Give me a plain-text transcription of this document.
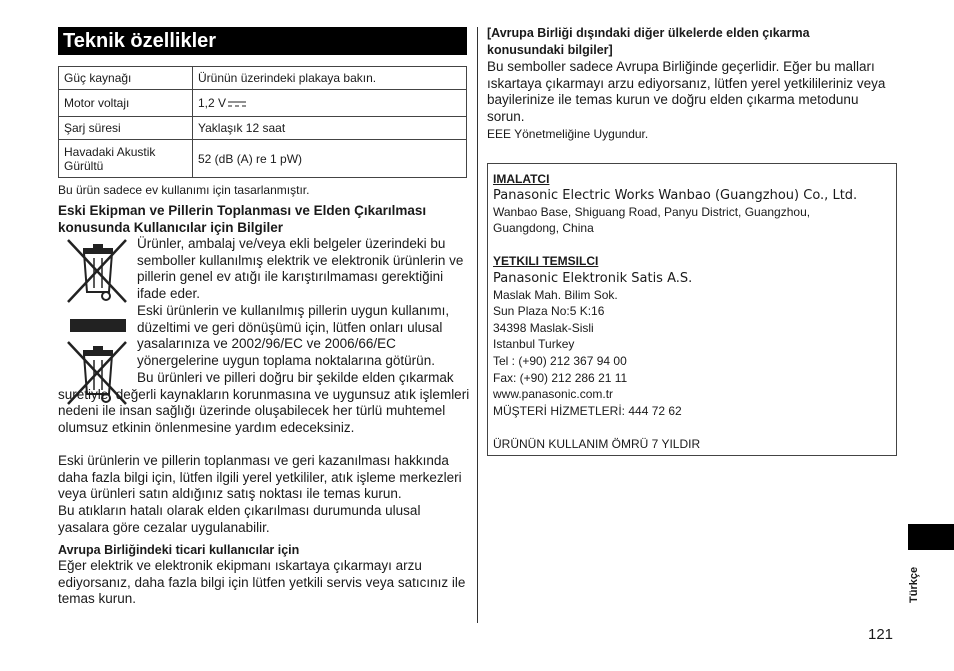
Teknik özellikler
Güç kaynağı	Ürünün üzerindeki plakaya bakın.
Motor voltajı	1,2 V
Şarj süresi	Yaklaşık 12 saat
Havadaki Akustik Gürültü	52 (dB (A) re 1 pW)
Bu ürün sadece ev kullanımı için tasarlanmıştır.
Eski Ekipman ve Pillerin Toplanması ve Elden Çıkarılması konusunda Kullanıcılar için Bilgiler
Ürünler, ambalaj ve/veya ekli belgeler üzerindeki bu semboller kullanılmış elektrik ve elektronik ürünlerin ve pillerin genel ev atığı ile karıştırılmaması gerektiğini ifade eder.
Eski ürünlerin ve kullanılmış pillerin uygun kullanımı, düzeltimi ve geri dönüşümü için, lütfen onları ulusal yasalarınıza ve 2002/96/EC ve 2006/66/EC yönergelerine uygun toplama noktalarına götürün.
Bu ürünleri ve pilleri doğru bir şekilde elden çıkarmak suretiyle, değerli kaynakların korunmasına ve uygunsuz atık işlemleri nedeni ile insan sağlığı üzerinde oluşabilecek her türlü muhtemel olumsuz etkinin önlenmesine yardım edeceksiniz.
Eski ürünlerin ve pillerin toplanması ve geri kazanılması hakkında daha fazla bilgi için, lütfen ilgili yerel yetkililer, atık işleme merkezleri veya ürünleri satın aldığınız satış noktası ile temas kurun.
Bu atıkların hatalı olarak elden çıkarılması durumunda ulusal yasalara göre cezalar uygulanabilir.
Avrupa Birliğindeki ticari kullanıcılar için
Eğer elektrik ve elektronik ekipmanı ıskartaya çıkarmayı arzu ediyorsanız, daha fazla bilgi için lütfen yetkili servis veya satıcınız ile temas kurun.
[Avrupa Birliği dışındaki diğer ülkelerde elden çıkarma konusundaki bilgiler]
Bu semboller sadece Avrupa Birliğinde geçerlidir. Eğer bu malları ıskartaya çıkarmayı arzu ediyorsanız, lütfen yerel yetkilileriniz veya bayilerinize ile temas kurun ve doğru elden çıkarma metodunu sorun.
EEE Yönetmeliğine Uygundur.
IMALATCI
Panasonic Electric Works Wanbao (Guangzhou) Co., Ltd.
Wanbao Base, Shiguang Road, Panyu District, Guangzhou,
Guangdong, China
YETKILI TEMSILCI
Panasonic Elektronik Satis A.S.
Maslak Mah. Bilim Sok.
Sun Plaza No:5 K:16
34398 Maslak-Sisli
Istanbul Turkey
Tel : (+90) 212 367 94 00
Fax: (+90) 212 286 21 11
www.panasonic.com.tr
MÜŞTERİ HİZMETLERİ: 444 72 62
ÜRÜNÜN KULLANIM ÖMRÜ 7 YILDIR
Türkçe
121
